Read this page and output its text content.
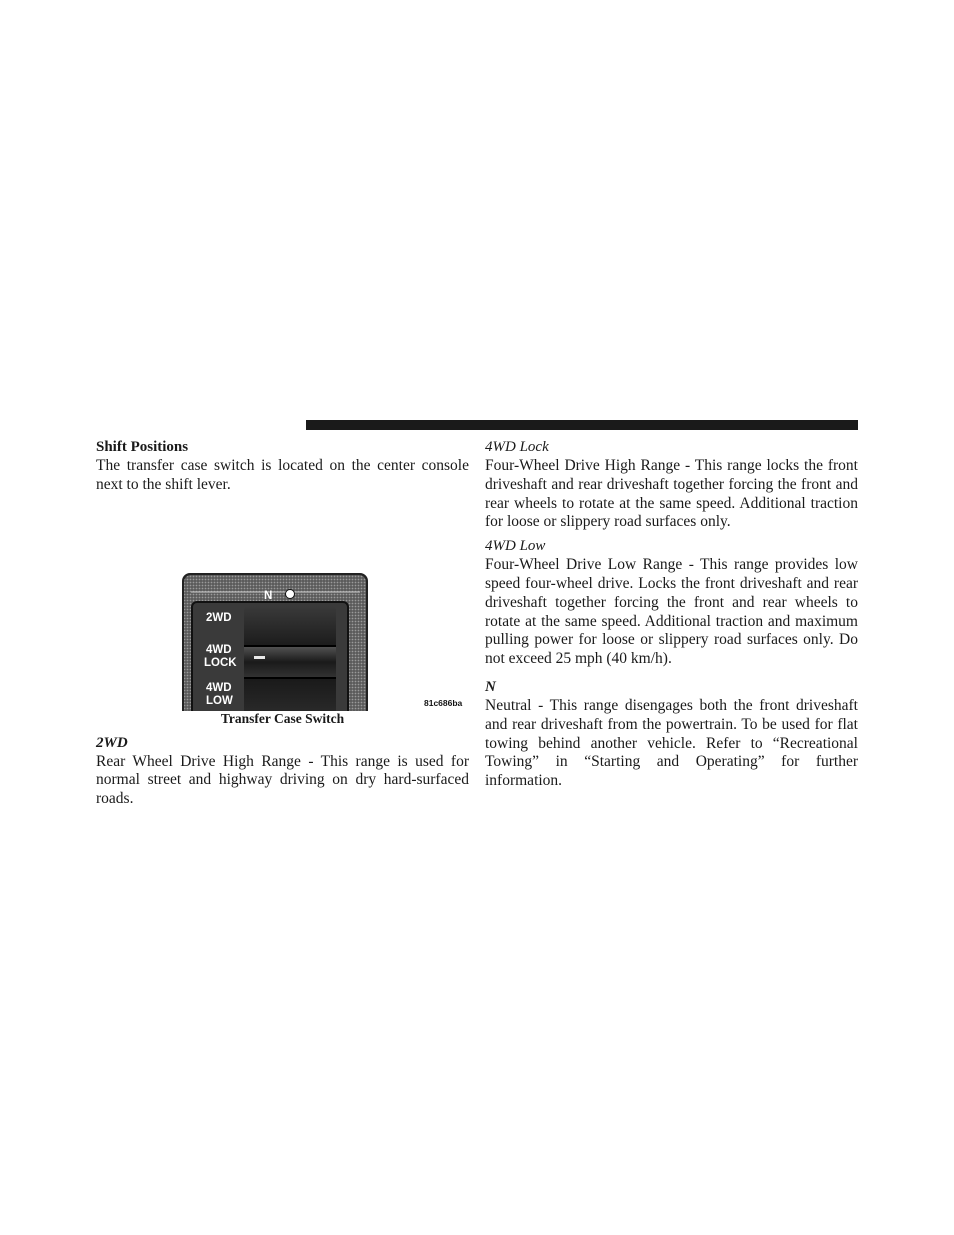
Shift Positions

The transfer case switch is located on the center console next to the shift lever.

N
2WD
4WD
LOCK
4WD
LOW	81c686ba
Transfer Case Switch
2WD

Rear Wheel Drive High Range - This range is used for normal street and highway driving on dry hard-surfaced roads.

4WD Lock

Four-Wheel Drive High Range - This range locks the front driveshaft and rear driveshaft together forcing the front and rear wheels to rotate at the same speed. Additional traction for loose or slippery road surfaces only.

4WD Low

Four-Wheel Drive Low Range - This range provides low speed four-wheel drive. Locks the front driveshaft and rear driveshaft together forcing the front and rear wheels to rotate at the same speed. Additional traction and maximum pulling power for loose or slippery road surfaces only. Do not exceed 25 mph (40 km/h).

N

Neutral - This range disengages both the front driveshaft and rear driveshaft from the powertrain. To be used for flat towing behind another vehicle. Refer to “Recreational Towing” in “Starting and Operating” for further information.
